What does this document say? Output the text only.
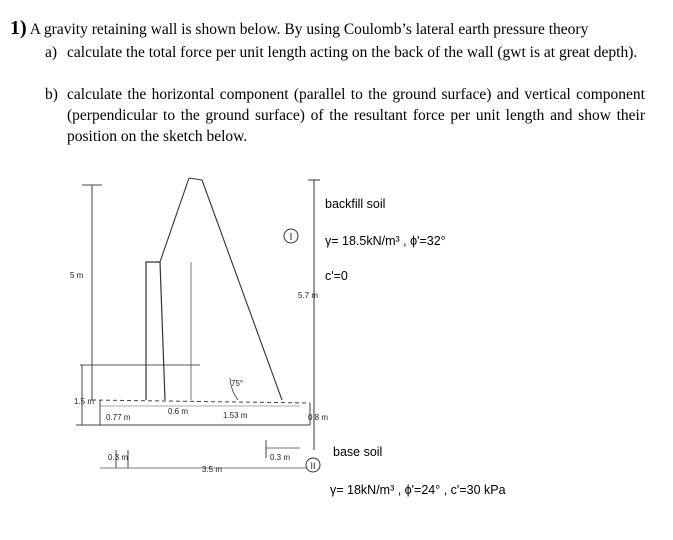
1) A gravity retaining wall is shown below. By using Coulomb’s lateral earth pressure theory
a) calculate the total force per unit length acting on the back of the wall (gwt is at great depth).
b) calculate the horizontal component (parallel to the ground surface) and vertical component (perpendicular to the ground surface) of the resultant force per unit length and show their position on the sketch below.
I
II
5 m
5.7 m
1.5 m
75°
0.77 m
0.6 m	1.53 m	0.8 m
0.3 m
3.5 m
0.3 m
backfill soil
γ= 18.5kN/m³ , ϕ'=32°
c'=0
base soil
γ= 18kN/m³ , ϕ'=24° , c'=30 kPa
